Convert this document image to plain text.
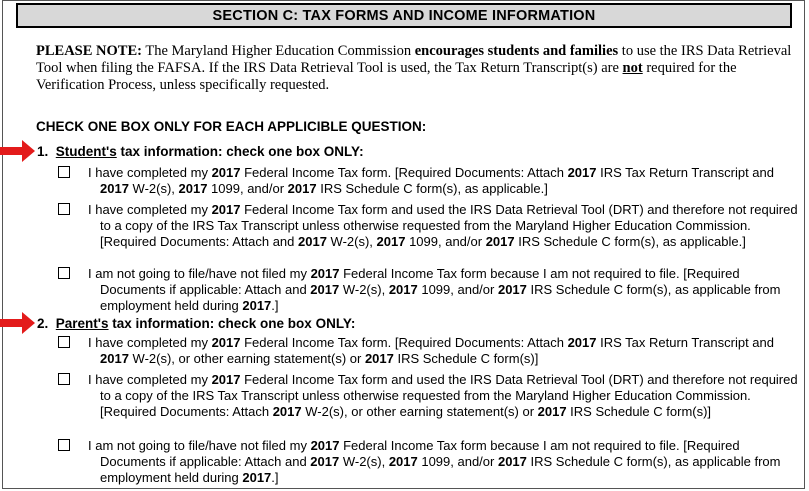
SECTION C: TAX FORMS AND INCOME INFORMATION
PLEASE NOTE: The Maryland Higher Education Commission encourages students and families to use the IRS Data Retrieval Tool when filing the FAFSA. If the IRS Data Retrieval Tool is used, the Tax Return Transcript(s) are not required for the Verification Process, unless specifically requested.
CHECK ONE BOX ONLY FOR EACH APPLICIBLE QUESTION:
1. Student's tax information: check one box ONLY:
I have completed my 2017 Federal Income Tax form. [Required Documents: Attach 2017 IRS Tax Return Transcript and 2017 W-2(s), 2017 1099, and/or 2017 IRS Schedule C form(s), as applicable.]
I have completed my 2017 Federal Income Tax form and used the IRS Data Retrieval Tool (DRT) and therefore not required to a copy of the IRS Tax Transcript unless otherwise requested from the Maryland Higher Education Commission. [Required Documents: Attach and 2017 W-2(s), 2017 1099, and/or 2017 IRS Schedule C form(s), as applicable.]
I am not going to file/have not filed my 2017 Federal Income Tax form because I am not required to file. [Required Documents if applicable: Attach and 2017 W-2(s), 2017 1099, and/or 2017 IRS Schedule C form(s), as applicable from employment held during 2017.]
2. Parent's tax information: check one box ONLY:
I have completed my 2017 Federal Income Tax form. [Required Documents: Attach 2017 IRS Tax Return Transcript and 2017 W-2(s), or other earning statement(s) or 2017 IRS Schedule C form(s)]
I have completed my 2017 Federal Income Tax form and used the IRS Data Retrieval Tool (DRT) and therefore not required to a copy of the IRS Tax Transcript unless otherwise requested from the Maryland Higher Education Commission. [Required Documents: Attach 2017 W-2(s), or other earning statement(s) or 2017 IRS Schedule C form(s)]
I am not going to file/have not filed my 2017 Federal Income Tax form because I am not required to file. [Required Documents if applicable: Attach and 2017 W-2(s), 2017 1099, and/or 2017 IRS Schedule C form(s), as applicable from employment held during 2017.]
